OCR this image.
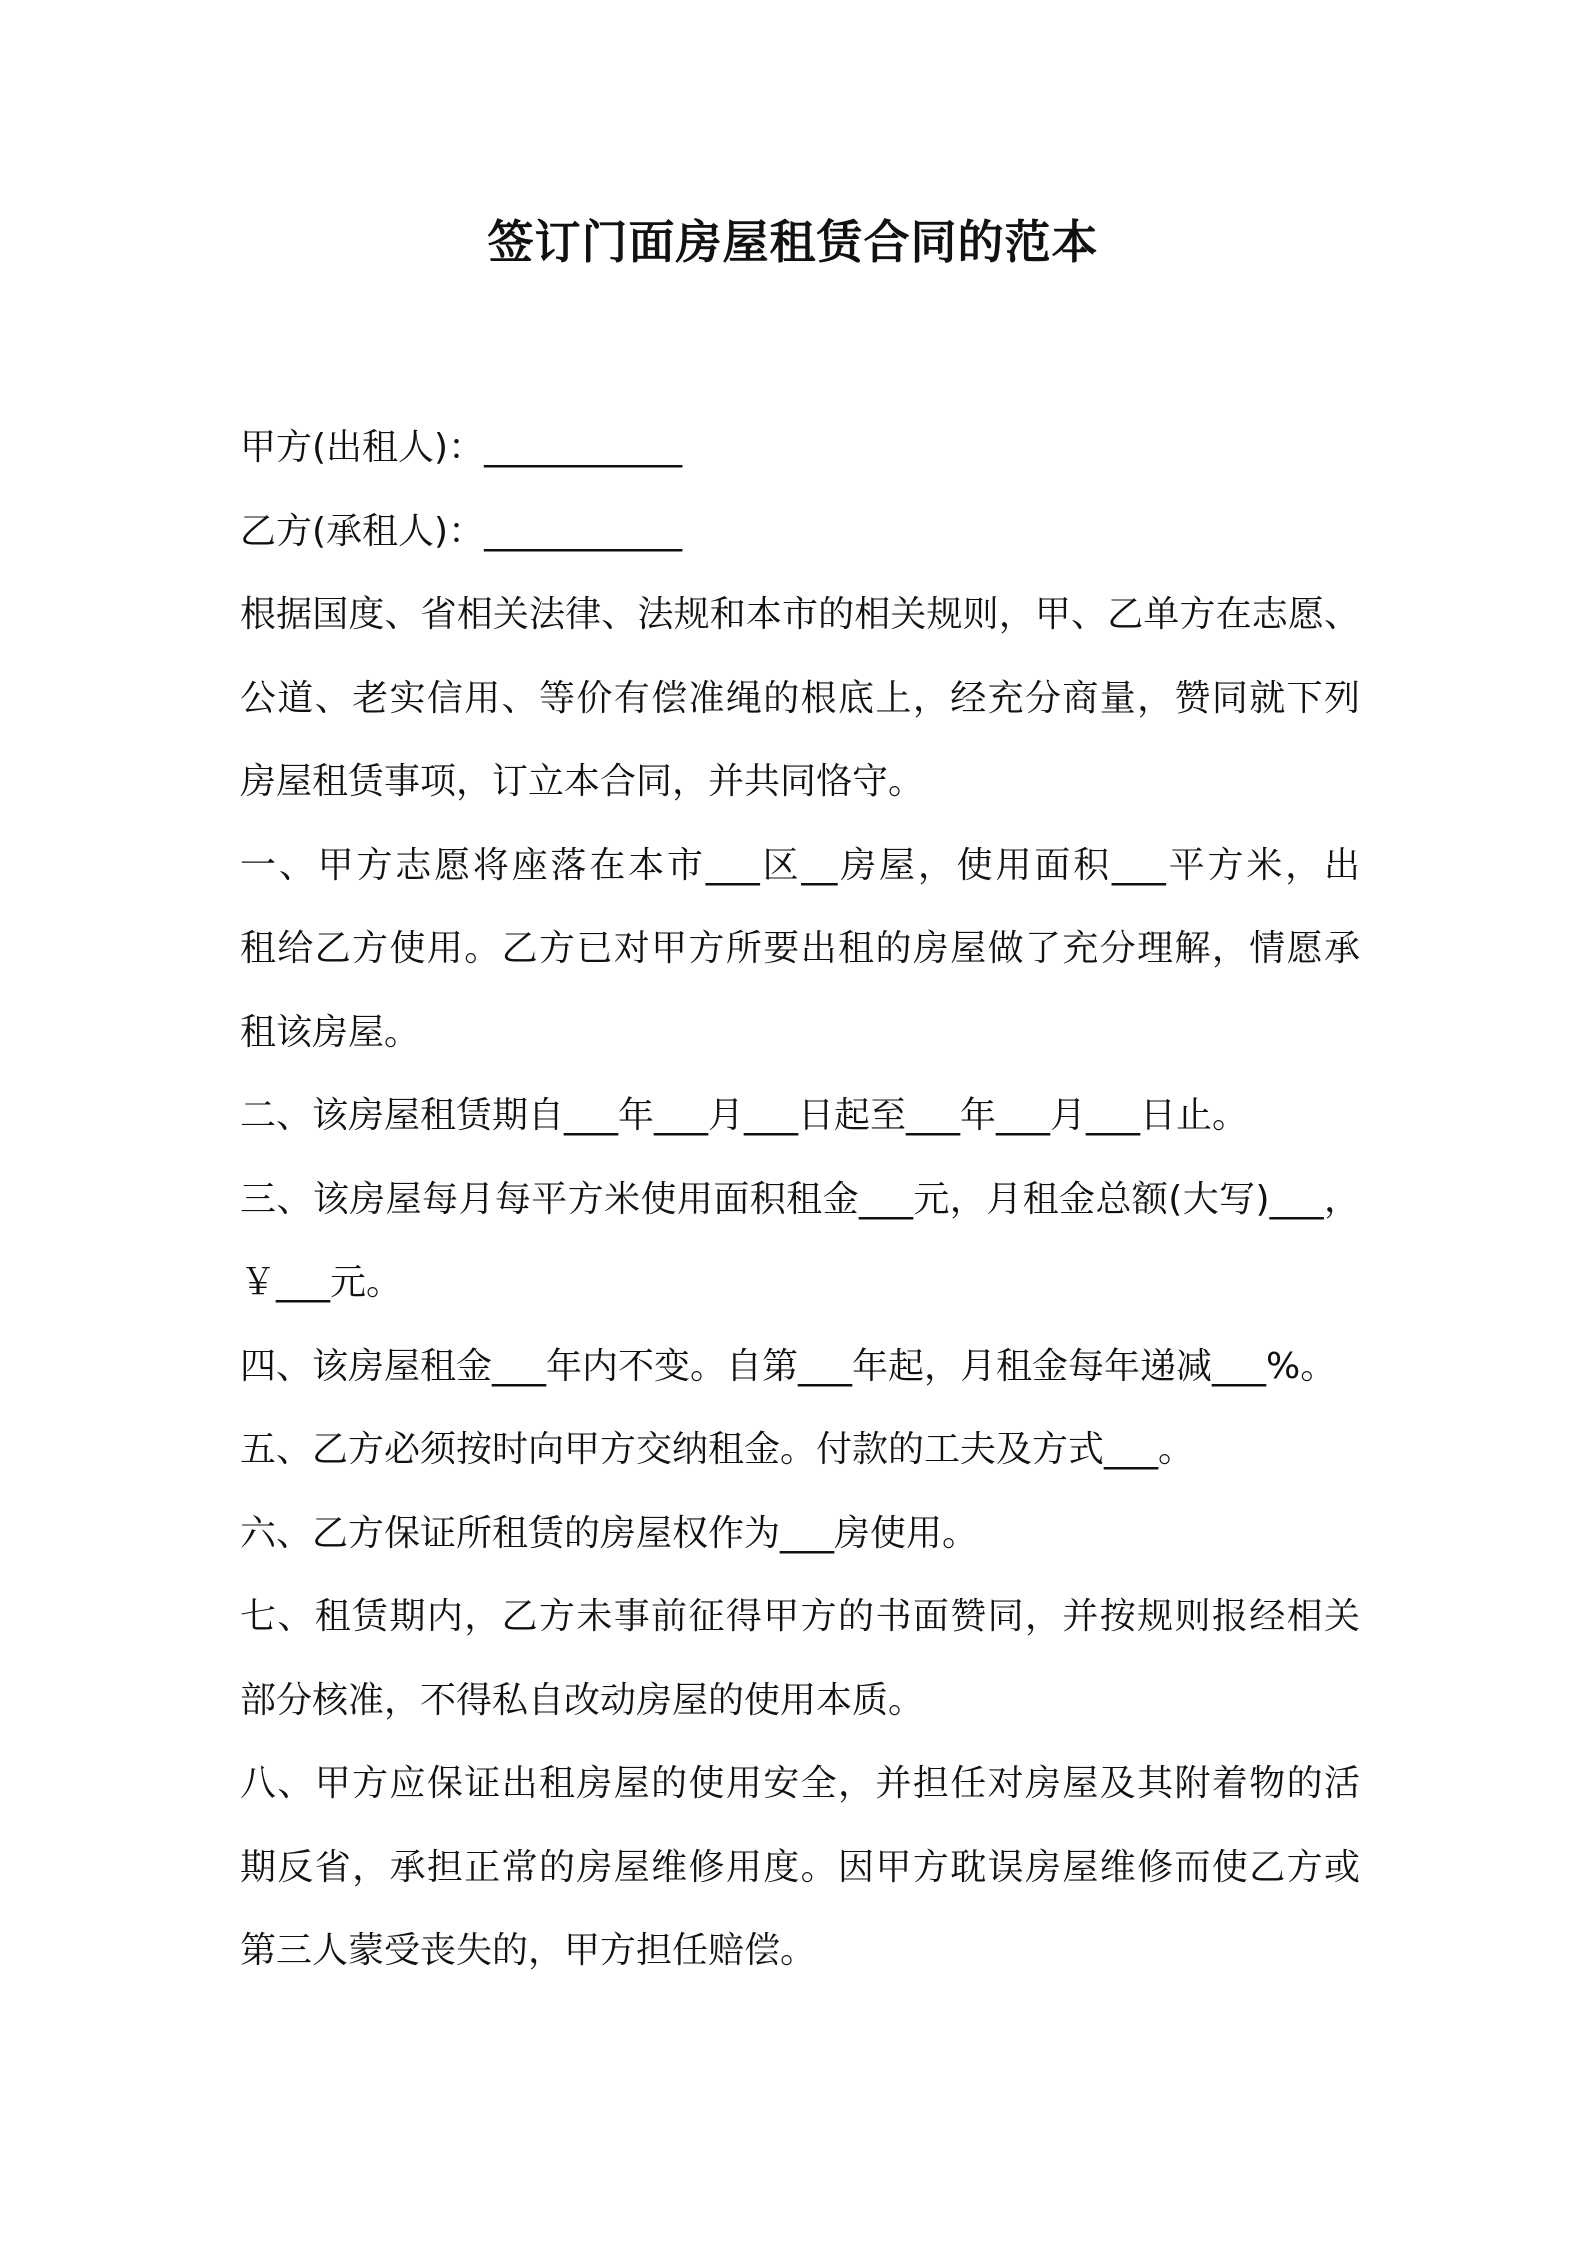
签订门面房屋租赁合同的范本

甲方(出租人)：___________

乙方(承租人)：___________

根据国度、省相关法律、法规和本市的相关规则，甲、乙单方在志愿、

公道、老实信用、等价有偿准绳的根底上，经充分商量，赞同就下列

房屋租赁事项，订立本合同，并共同恪守。

一、甲方志愿将座落在本市___区__房屋，使用面积___平方米，出

租给乙方使用。乙方已对甲方所要出租的房屋做了充分理解，情愿承

租该房屋。

二、该房屋租赁期自___年___月___日起至___年___月___日止。

三、该房屋每月每平方米使用面积租金___元，月租金总额(大写)___，

￥___元。

四、该房屋租金___年内不变。自第___年起，月租金每年递减___%。

五、乙方必须按时向甲方交纳租金。付款的工夫及方式___。

六、乙方保证所租赁的房屋权作为___房使用。

七、租赁期内，乙方未事前征得甲方的书面赞同，并按规则报经相关

部分核准，不得私自改动房屋的使用本质。

八、甲方应保证出租房屋的使用安全，并担任对房屋及其附着物的活

期反省，承担正常的房屋维修用度。因甲方耽误房屋维修而使乙方或

第三人蒙受丧失的，甲方担任赔偿。
